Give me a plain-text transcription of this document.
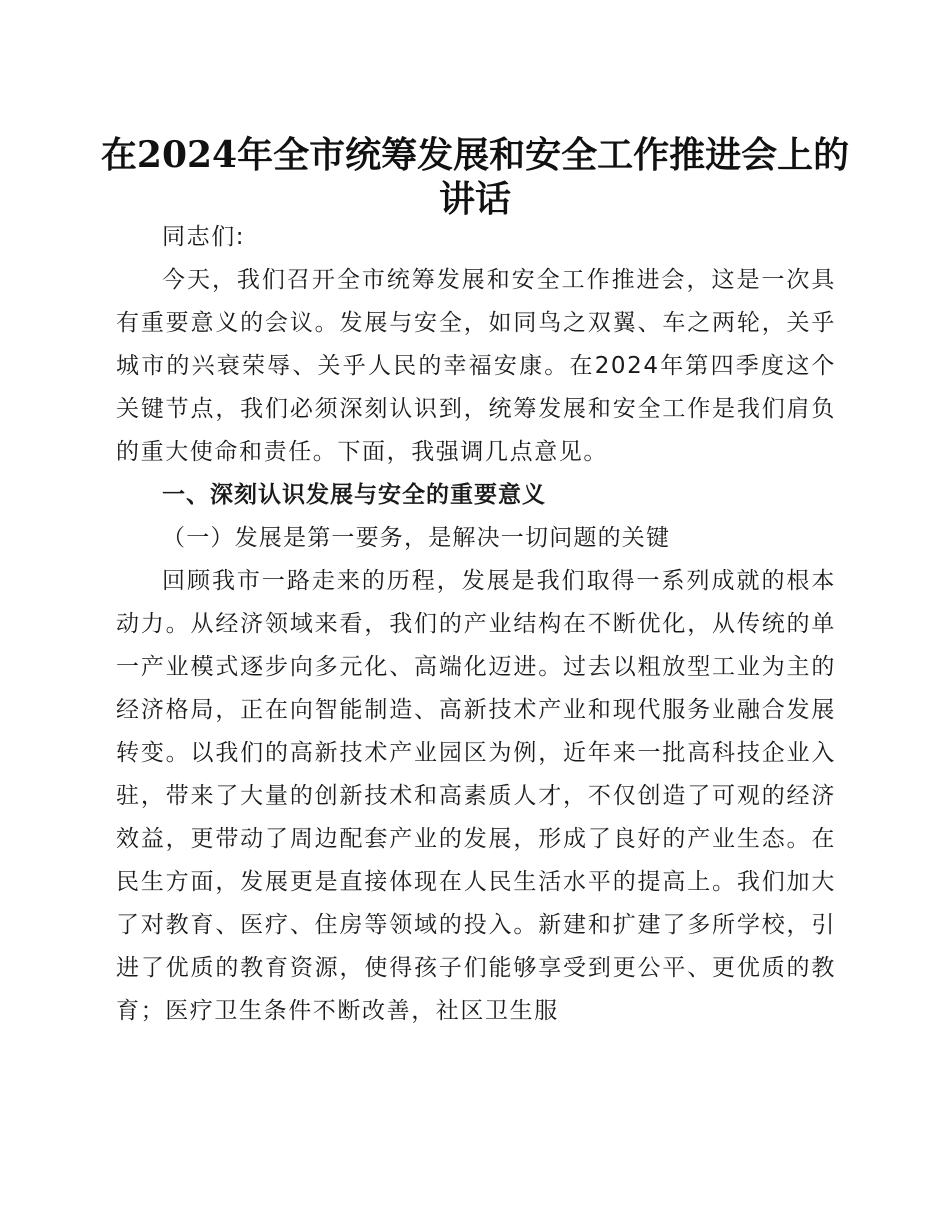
在2024年全市统筹发展和安全工作推进会上的
讲话

同志们:

今天，我们召开全市统筹发展和安全工作推进会，这是一次具有重要意义的会议。发展与安全，如同鸟之双翼、车之两轮，关乎城市的兴衰荣辱、关乎人民的幸福安康。在2024年第四季度这个关键节点，我们必须深刻认识到，统筹发展和安全工作是我们肩负的重大使命和责任。下面，我强调几点意见。

一、深刻认识发展与安全的重要意义

（一）发展是第一要务，是解决一切问题的关键

回顾我市一路走来的历程，发展是我们取得一系列成就的根本动力。从经济领域来看，我们的产业结构在不断优化，从传统的单一产业模式逐步向多元化、高端化迈进。过去以粗放型工业为主的经济格局，正在向智能制造、高新技术产业和现代服务业融合发展转变。以我们的高新技术产业园区为例，近年来一批高科技企业入驻，带来了大量的创新技术和高素质人才，不仅创造了可观的经济效益，更带动了周边配套产业的发展，形成了良好的产业生态。在民生方面，发展更是直接体现在人民生活水平的提高上。我们加大了对教育、医疗、住房等领域的投入。新建和扩建了多所学校，引进了优质的教育资源，使得孩子们能够享受到更公平、更优质的教育；医疗卫生条件不断改善，社区卫生服
